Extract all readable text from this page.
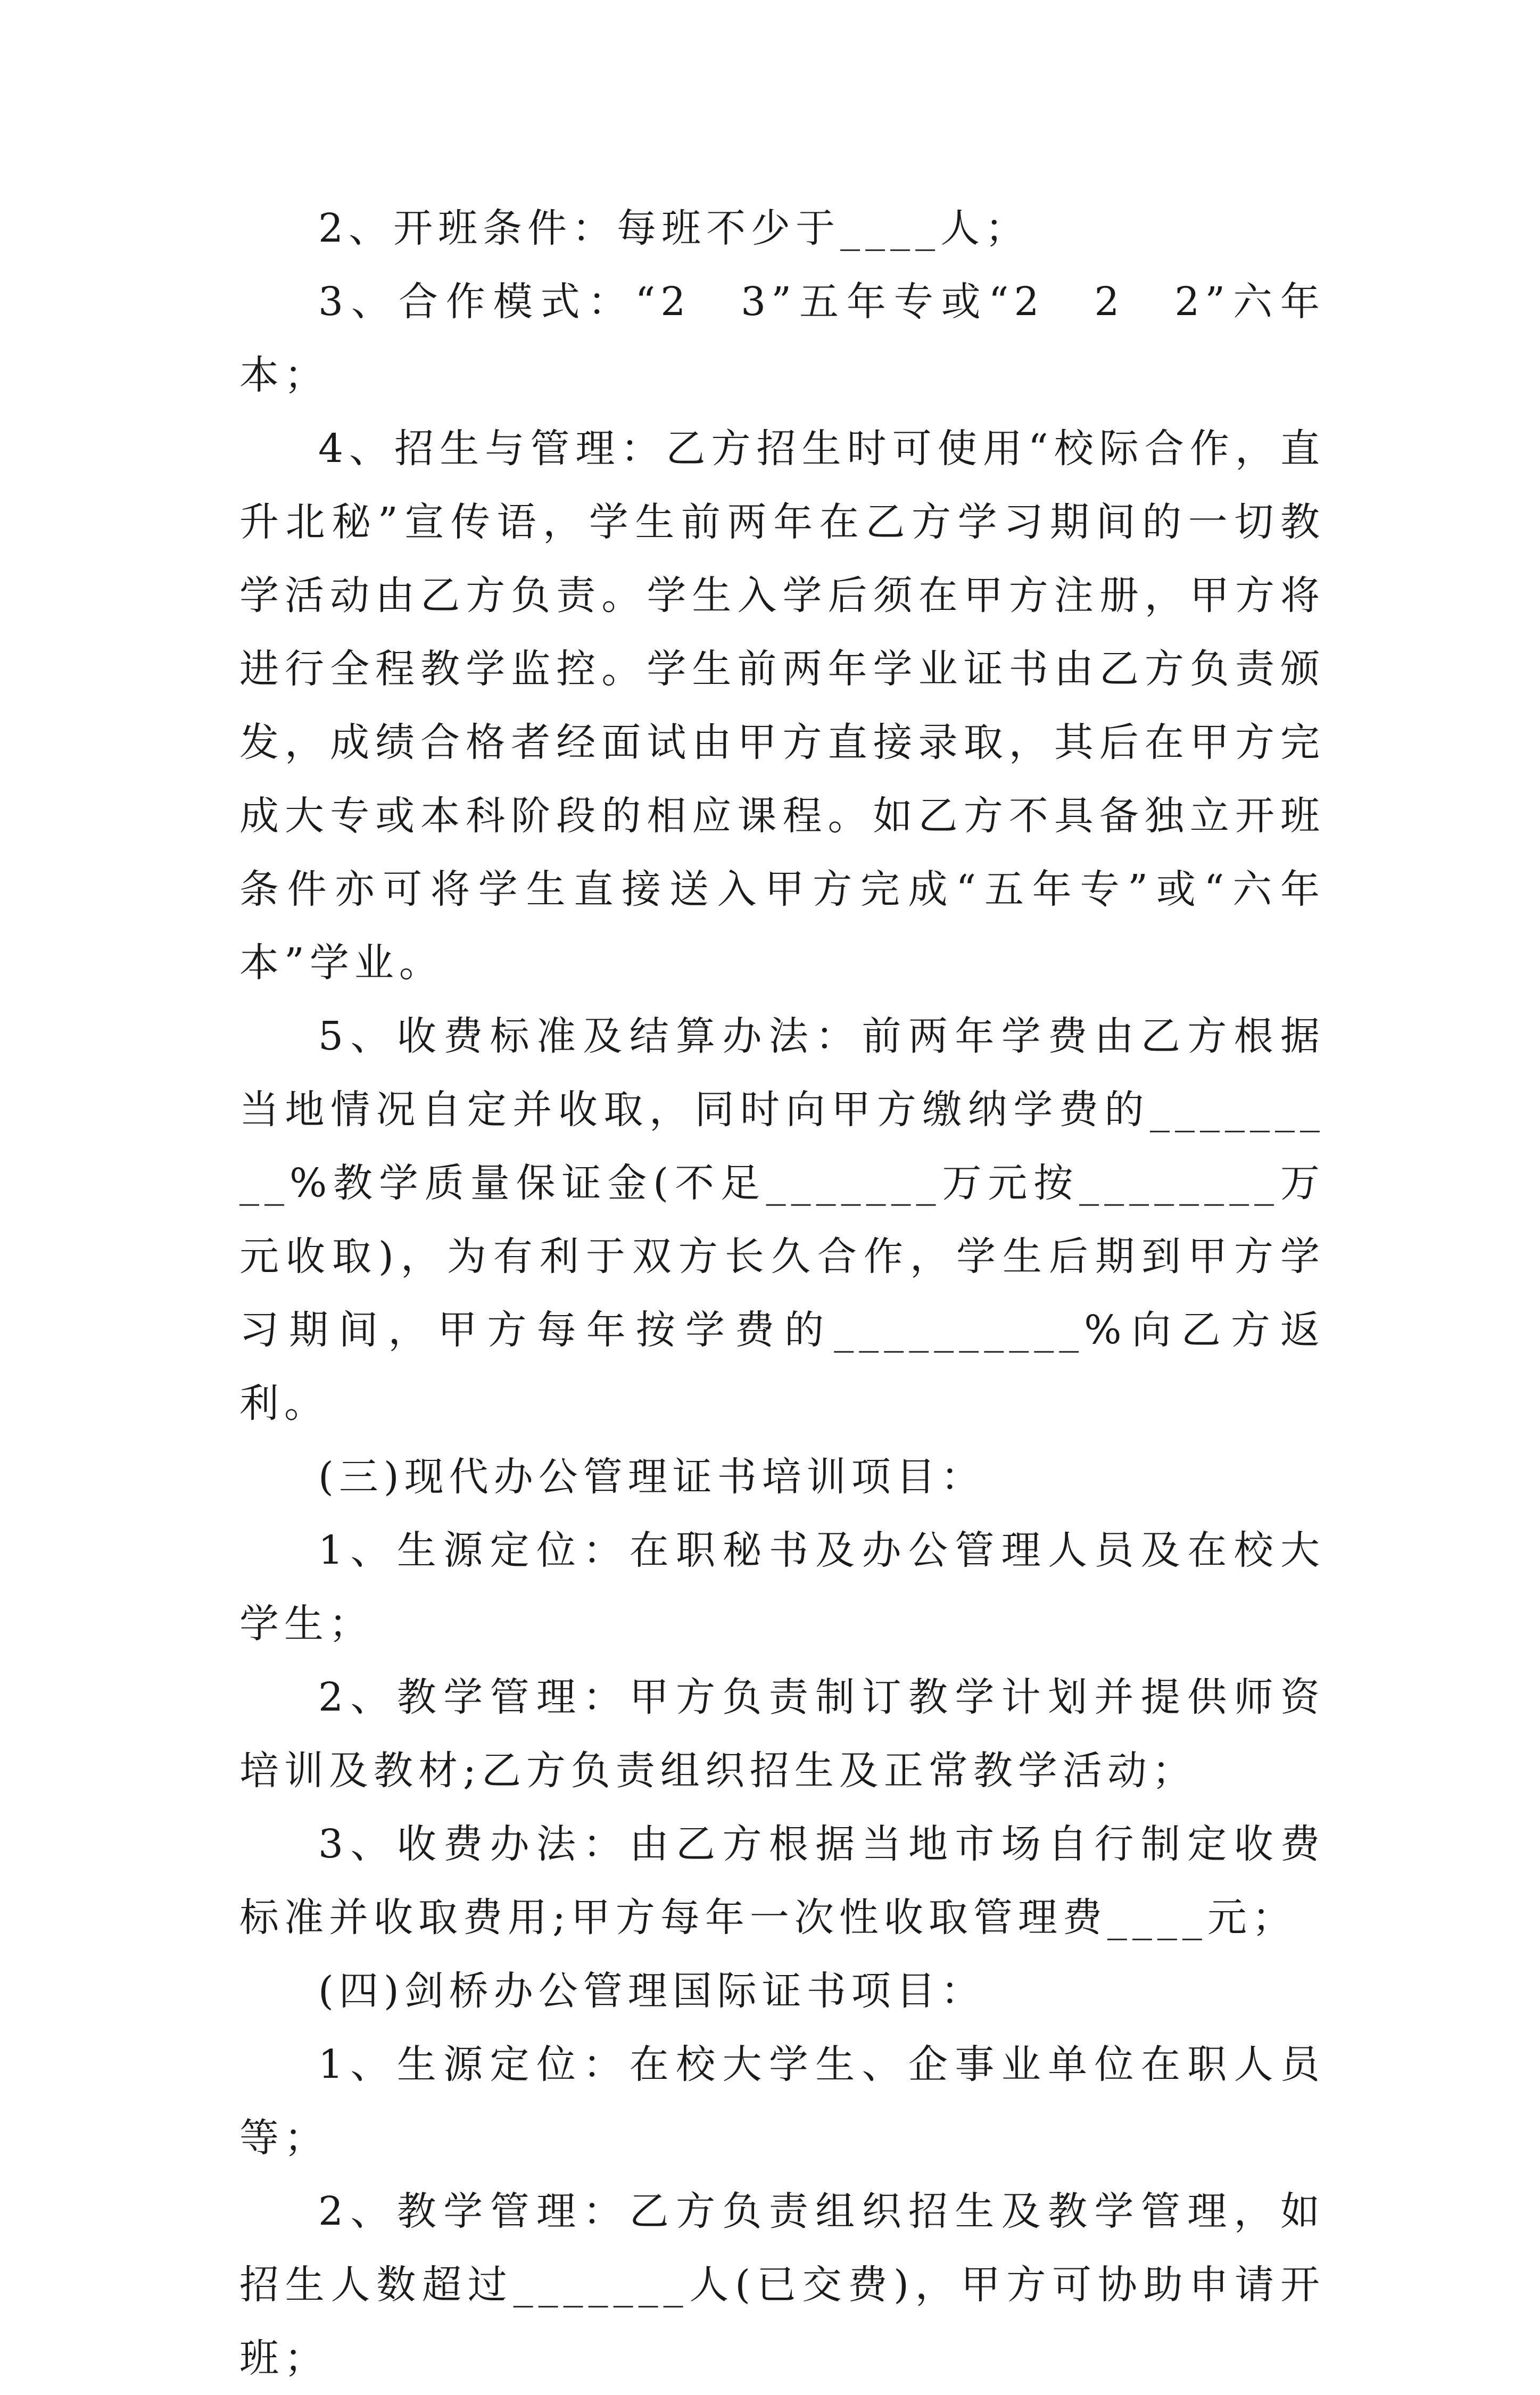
2、开班条件：每班不少于____人；

3、合作模式：“2　3”五年专或“2　2　2”六年本；

4、招生与管理：乙方招生时可使用“校际合作，直升北秘”宣传语，学生前两年在乙方学习期间的一切教学活动由乙方负责。学生入学后须在甲方注册，甲方将进行全程教学监控。学生前两年学业证书由乙方负责颁发，成绩合格者经面试由甲方直接录取，其后在甲方完成大专或本科阶段的相应课程。如乙方不具备独立开班条件亦可将学生直接送入甲方完成“五年专”或“六年本”学业。

5、收费标准及结算办法：前两年学费由乙方根据当地情况自定并收取，同时向甲方缴纳学费的_________%教学质量保证金(不足_______万元按________万元收取)，为有利于双方长久合作，学生后期到甲方学习期间，甲方每年按学费的__________%向乙方返利。

(三)现代办公管理证书培训项目：

1、生源定位：在职秘书及办公管理人员及在校大学生；

2、教学管理：甲方负责制订教学计划并提供师资培训及教材;乙方负责组织招生及正常教学活动；

3、收费办法：由乙方根据当地市场自行制定收费标准并收取费用;甲方每年一次性收取管理费____元；

(四)剑桥办公管理国际证书项目：

1、生源定位：在校大学生、企事业单位在职人员等；

2、教学管理：乙方负责组织招生及教学管理，如招生人数超过_______人(已交费)，甲方可协助申请开班；
